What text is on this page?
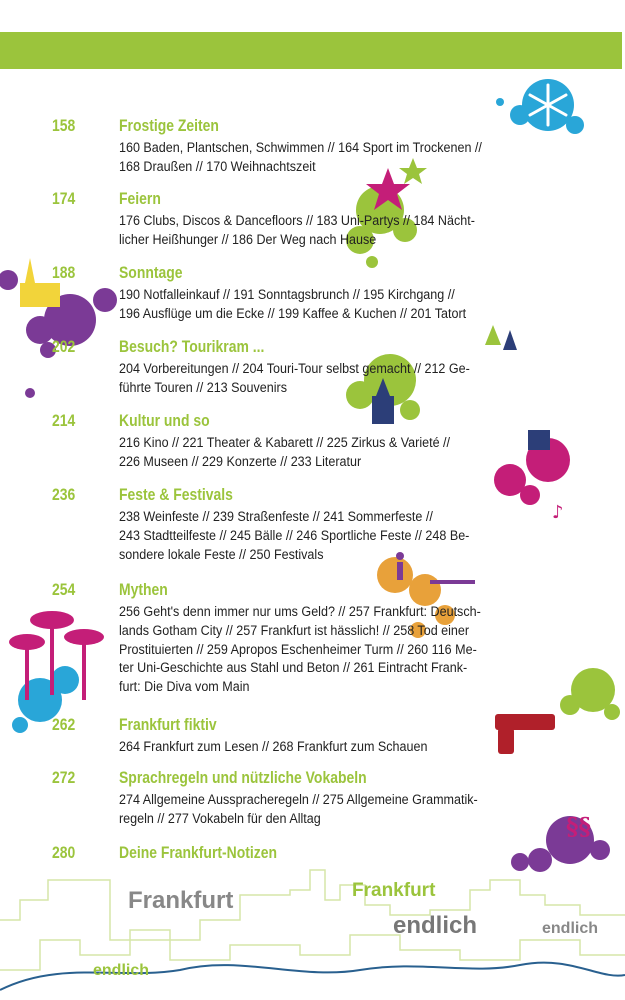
♪
§§
158	Frostige Zeiten
160 Baden, Plantschen, Schwimmen // 164 Sport im Trockenen //
168 Draußen // 170 Weihnachtszeit
174	Feiern
176 Clubs, Discos & Dancefloors // 183 Uni-Partys // 184 Nächt-
licher Heißhunger // 186 Der Weg nach Hause
188	Sonntage
190 Notfalleinkauf // 191 Sonntagsbrunch // 195 Kirchgang //
196 Ausflüge um die Ecke // 199 Kaffee & Kuchen // 201 Tatort
202	Besuch? Tourikram ...
204 Vorbereitungen // 204 Touri-Tour selbst gemacht // 212 Ge-
führte Touren // 213 Souvenirs
214	Kultur und so
216 Kino // 221 Theater & Kabarett // 225 Zirkus & Varieté //
226 Museen // 229 Konzerte // 233 Literatur
236	Feste & Festivals
238 Weinfeste // 239 Straßenfeste // 241 Sommerfeste //
243 Stadtteilfeste // 245 Bälle // 246 Sportliche Feste // 248 Be-
sondere lokale Feste // 250 Festivals
254	Mythen
256 Geht's denn immer nur ums Geld? // 257 Frankfurt: Deutsch-
lands Gotham City // 257 Frankfurt ist hässlich! // 258 Tod einer
Prostituierten // 259 Apropos Eschenheimer Turm // 260 116 Me-
ter Uni-Geschichte aus Stahl und Beton // 261 Eintracht Frank-
furt: Die Diva vom Main
262	Frankfurt fiktiv
264 Frankfurt zum Lesen // 268 Frankfurt zum Schauen
272	Sprachregeln und nützliche Vokabeln
274 Allgemeine Ausspracheregeln // 275 Allgemeine Grammatik-
regeln // 277 Vokabeln für den Alltag
280	Deine Frankfurt-Notizen
Frankfurt	Frankfurt
endlich	endlich
endlich
